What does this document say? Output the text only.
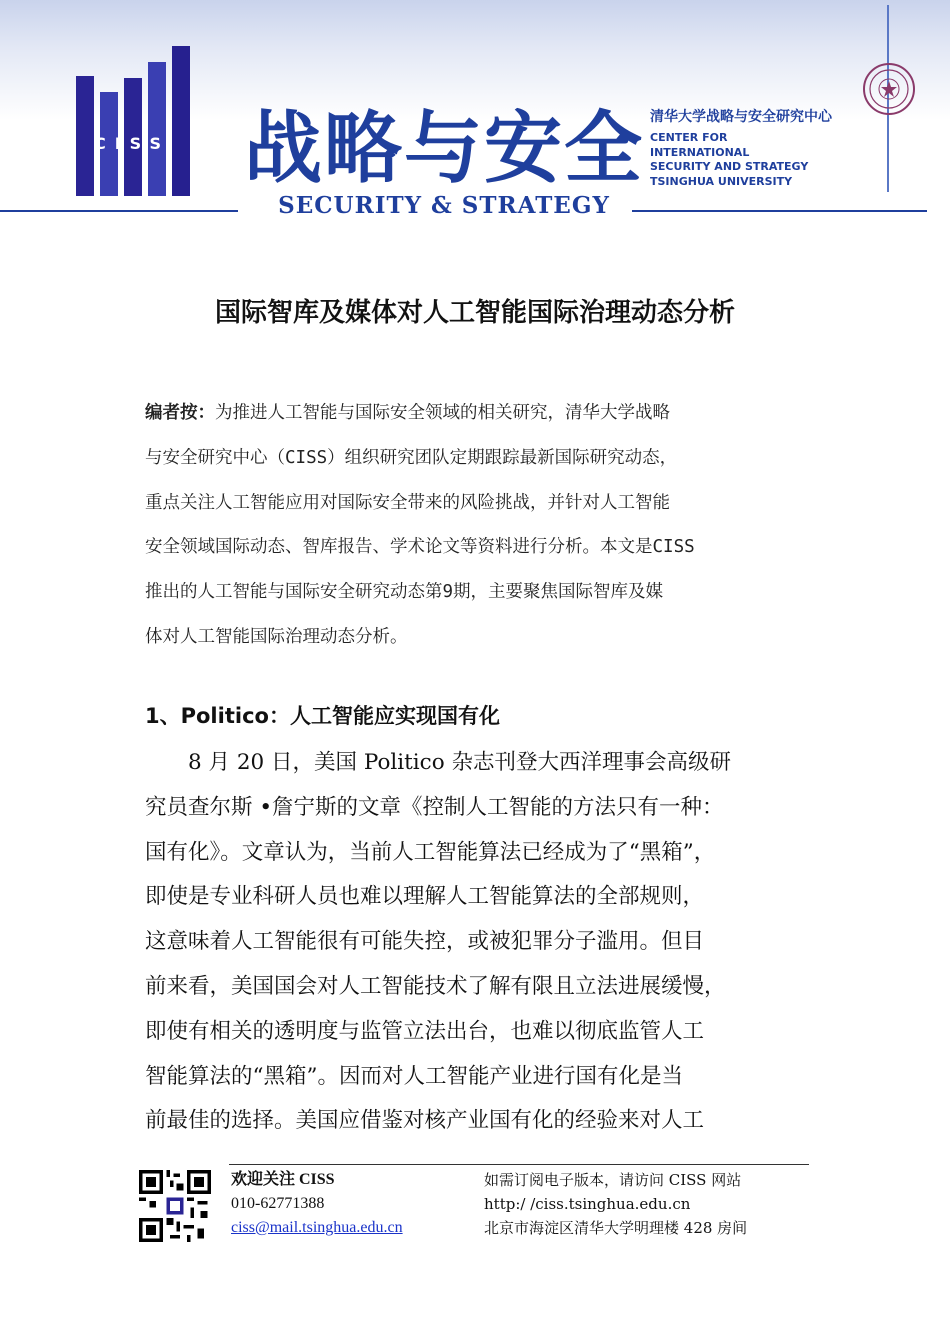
CISS 战略与安全
SECURITY & STRATEGY
清华大学战略与安全研究中心
CENTER FOR
INTERNATIONAL
SECURITY AND STRATEGY
TSINGHUA UNIVERSITY
国际智库及媒体对人工智能国际治理动态分析
编者按：为推进人工智能与国际安全领域的相关研究，清华大学战略
与安全研究中心（CISS）组织研究团队定期跟踪最新国际研究动态，
重点关注人工智能应用对国际安全带来的风险挑战，并针对人工智能
安全领域国际动态、智库报告、学术论文等资料进行分析。本文是CISS
推出的人工智能与国际安全研究动态第9期，主要聚焦国际智库及媒
体对人工智能国际治理动态分析。
1、Politico：人工智能应实现国有化
　　8 月 20 日，美国 Politico 杂志刊登大西洋理事会高级研
究员查尔斯 •詹宁斯的文章《控制人工智能的方法只有一种：
国有化》。文章认为，当前人工智能算法已经成为了“黑箱”，
即使是专业科研人员也难以理解人工智能算法的全部规则，
这意味着人工智能很有可能失控，或被犯罪分子滥用。但目
前来看，美国国会对人工智能技术了解有限且立法进展缓慢，
即使有相关的透明度与监管立法出台，也难以彻底监管人工
智能算法的“黑箱”。因而对人工智能产业进行国有化是当
前最佳的选择。美国应借鉴对核产业国有化的经验来对人工
欢迎关注 CISS
010-62771388
ciss@mail.tsinghua.edu.cn
如需订阅电子版本，请访问 CISS 网站
http:/ /ciss.tsinghua.edu.cn
北京市海淀区清华大学明理楼 428 房间
